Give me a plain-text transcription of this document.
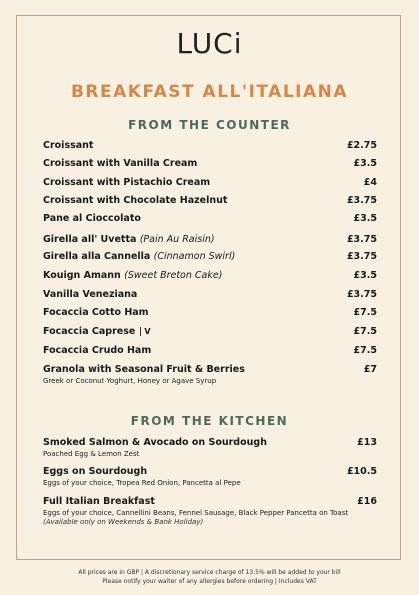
LUCi
BREAKFAST ALL'ITALIANA
FROM THE COUNTER
Croissant	£2.75
Croissant with Vanilla Cream	£3.5
Croissant with Pistachio Cream	£4
Croissant with Chocolate Hazelnut	£3.75
Pane al Cioccolato	£3.5
Girella all' Uvetta (Pain Au Raisin)	£3.75
Girella alla Cannella (Cinnamon Swirl)	£3.75
Kouign Amann (Sweet Breton Cake)	£3.5
Vanilla Veneziana	£3.75
Focaccia Cotto Ham	£7.5
Focaccia Caprese V	£7.5
Focaccia Crudo Ham	£7.5
Granola with Seasonal Fruit & Berries	£7
Greek or Coconut Yoghurt, Honey or Agave Syrup
FROM THE KITCHEN
Smoked Salmon & Avocado on Sourdough	£13
Poached Egg & Lemon Zest
Eggs on Sourdough	£10.5
Eggs of your choice, Tropea Red Onion, Pancetta al Pepe
Full Italian Breakfast	£16
Eggs of your choice, Cannellini Beans, Fennel Sausage, Black Pepper Pancetta on Toast
(Available only on Weekends & Bank Holiday)
All prices are in GBP | A discretionary service charge of 13.5% will be added to your bill
Please notify your waiter of any allergies before ordering | Includes VAT
